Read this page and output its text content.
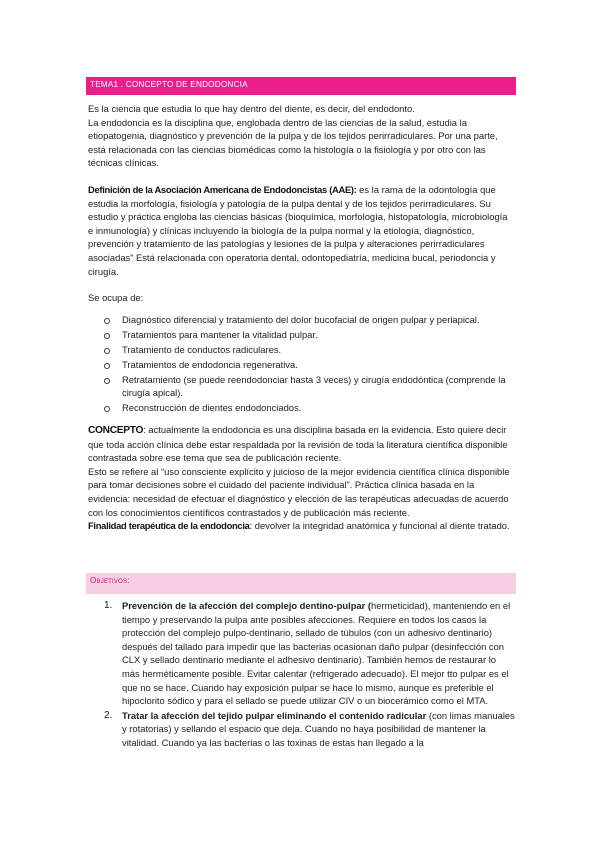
TEMA1 . CONCEPTO DE ENDODONCIA

Es la ciencia que estudia lo que hay dentro del diente, es decir, del endodonto.
La endodoncia es la disciplina que, englobada dentro de las ciencias de la salud, estudia la etiopatogenia, diagnóstico y prevención de la pulpa y de los tejidos perirradiculares. Por una parte, está relacionada con las ciencias biomédicas como la histología o la fisiología y por otro con las técnicas clínicas.

Definición de la Asociación Americana de Endodoncistas (AAE): es la rama de la odontología que estudia la morfología, fisiología y patología de la pulpa dental y de los tejidos perirradiculares. Su estudio y práctica engloba las ciencias básicas (bioquímica, morfología, histopatología, microbiología e inmunología) y clínicas incluyendo la biología de la pulpa normal y la etiología, diagnóstico, prevención y tratamiento de las patologías y lesiones de la pulpa y alteraciones perirradiculares asociadas” Está relacionada con operatoria dental, odontopediatría, medicina bucal, periodoncia y cirugía.

Se ocupa de:

Diagnóstico diferencial y tratamiento del dolor bucofacial de origen pulpar y periapical.
Tratamientos para mantener la vitalidad pulpar.
Tratamiento de conductos radiculares.
Tratamientos de endodoncia regenerativa.
Retratamiento (se puede reendodonciar hasta 3 veces) y cirugía endodóntica (comprende la cirugía apical).
Reconstrucción de dientes endodonciados.

CONCEPTO: actualmente la endodoncia es una disciplina basada en la evidencia. Esto quiere decir que toda acción clínica debe estar respaldada por la revisión de toda la literatura científica disponible contrastada sobre ese tema que sea de publicación reciente.
Esto se refiere al “uso consciente explícito y juicioso de la mejor evidencia científica clínica disponible para tomar decisiones sobre el cuidado del paciente individual”. Práctica clínica basada en la evidencia: necesidad de efectuar el diagnóstico y elección de las terapéuticas adecuadas de acuerdo con los conocimientos científicos contrastados y de publicación más reciente.
Finalidad terapéutica de la endodoncia: devolver la integridad anatómica y funcional al diente tratado.

Objetivos:
1. Prevención de la afección del complejo dentino-pulpar (hermeticidad), manteniendo en el tiempo y preservando la pulpa ante posibles afecciones. Requiere en todos los casos la protección del complejo pulpo-dentinario, sellado de túbulos (con un adhesivo dentinario) después del tallado para impedir que las bacterias ocasionan daño pulpar (desinfección con CLX y sellado dentinario mediante el adhesivo dentinario). También hemos de restaurar lo más herméticamente posible. Evitar calentar (refrigerado adecuado). El mejor tto pulpar es el que no se hace. Cuando hay exposición pulpar se hace lo mismo, aunque es preferible el hipoclorito sódico y para el sellado se puede utilizar CIV o un biocerámico como el MTA.
2. Tratar la afección del tejido pulpar eliminando el contenido radicular (con limas manuales y rotatorias) y sellando el espacio que deja. Cuando no haya posibilidad de mantener la vitalidad. Cuando ya las bacterias o las toxinas de estas han llegado a la
